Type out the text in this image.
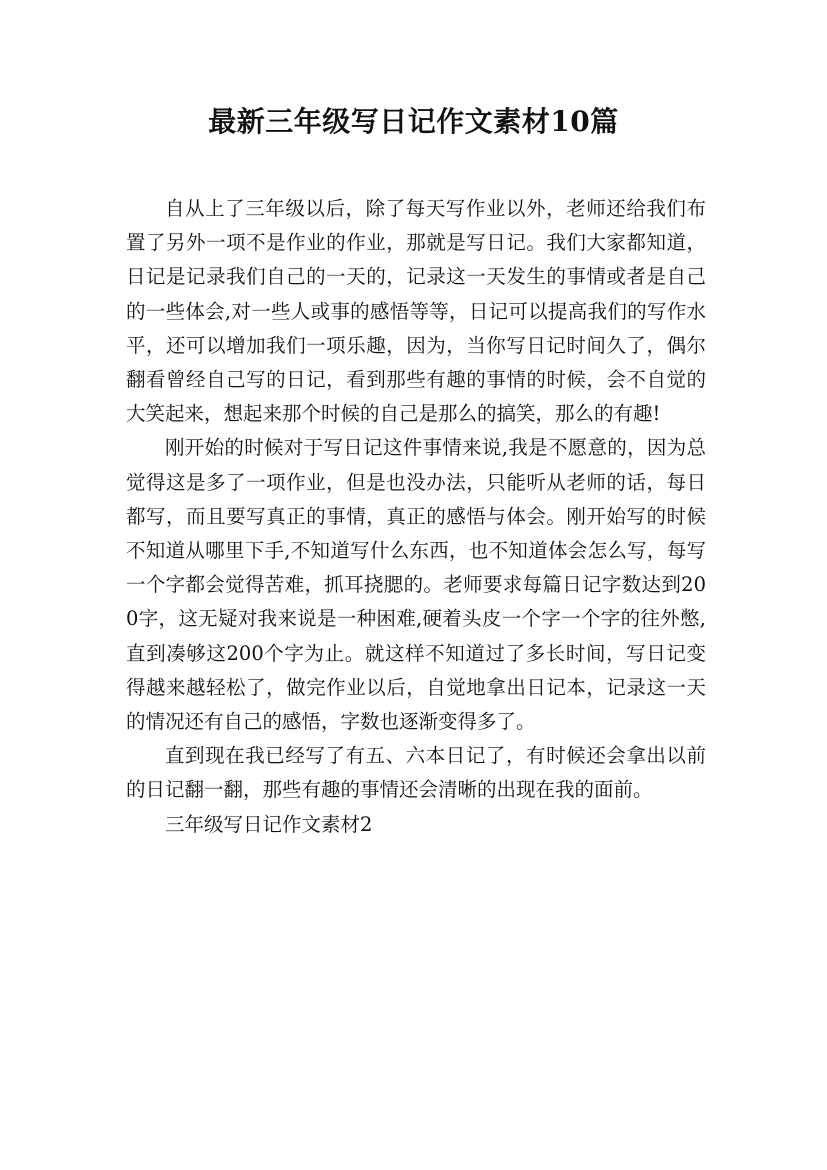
最新三年级写日记作文素材10篇

自从上了三年级以后，除了每天写作业以外，老师还给我们布置了另外一项不是作业的作业，那就是写日记。我们大家都知道，日记是记录我们自己的一天的，记录这一天发生的事情或者是自己的一些体会,对一些人或事的感悟等等，日记可以提高我们的写作水平，还可以增加我们一项乐趣，因为，当你写日记时间久了，偶尔翻看曾经自己写的日记，看到那些有趣的事情的时候，会不自觉的大笑起来，想起来那个时候的自己是那么的搞笑，那么的有趣!

刚开始的时候对于写日记这件事情来说,我是不愿意的，因为总觉得这是多了一项作业，但是也没办法，只能听从老师的话，每日都写，而且要写真正的事情，真正的感悟与体会。刚开始写的时候不知道从哪里下手,不知道写什么东西，也不知道体会怎么写，每写一个字都会觉得苦难，抓耳挠腮的。老师要求每篇日记字数达到200字，这无疑对我来说是一种困难,硬着头皮一个字一个字的往外憋,直到凑够这200个字为止。就这样不知道过了多长时间，写日记变得越来越轻松了，做完作业以后，自觉地拿出日记本，记录这一天的情况还有自己的感悟，字数也逐渐变得多了。

直到现在我已经写了有五、六本日记了，有时候还会拿出以前的日记翻一翻，那些有趣的事情还会清晰的出现在我的面前。

三年级写日记作文素材2
